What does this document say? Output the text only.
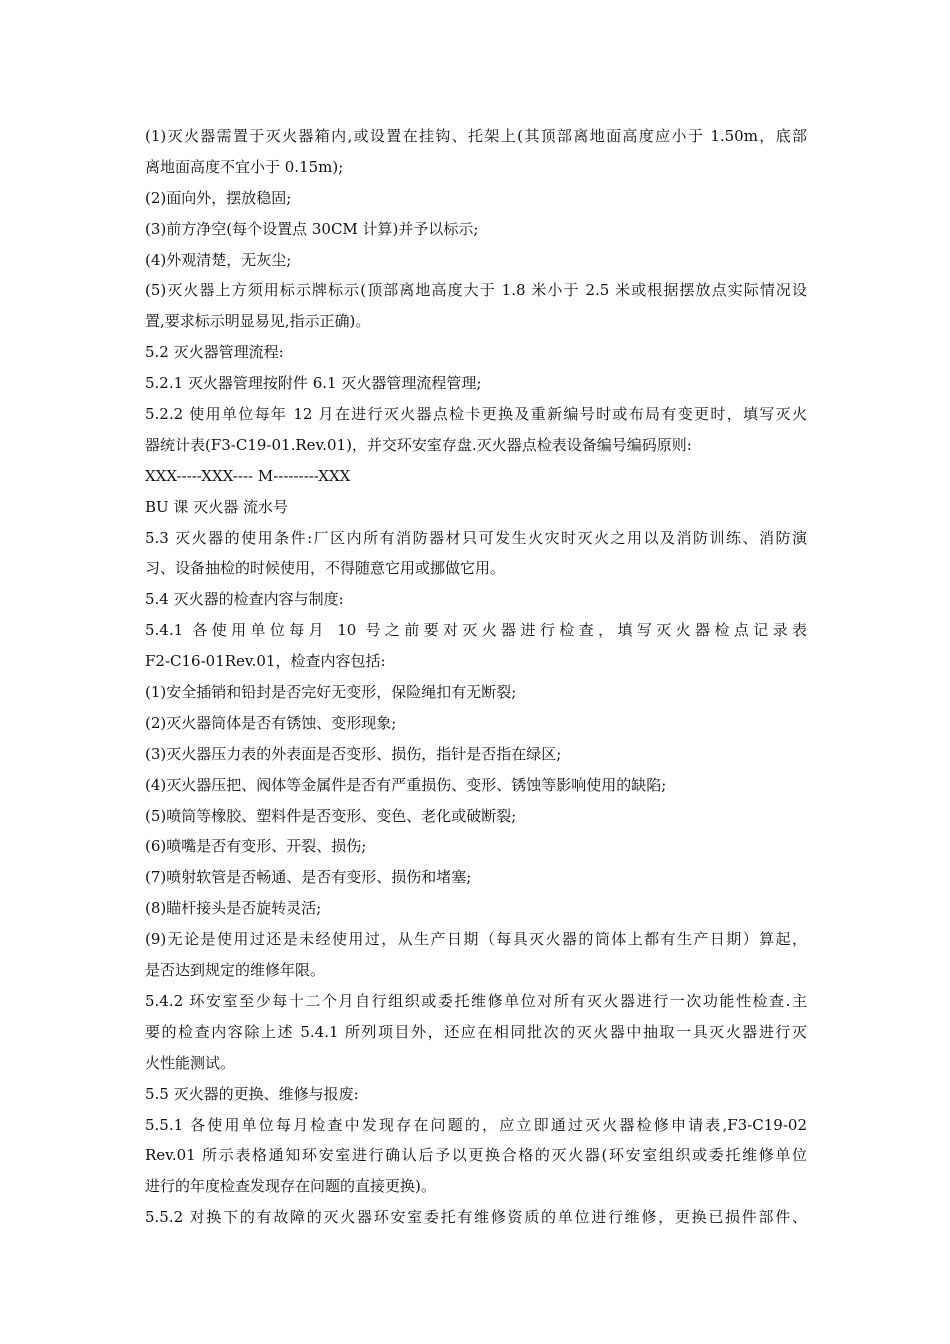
(1)灭火器需置于灭火器箱内,或设置在挂钩、托架上(其顶部离地面高度应小于 1.50m，底部
离地面高度不宜小于 0.15m);
(2)面向外，摆放稳固;
(3)前方净空(每个设置点 30CM 计算)并予以标示;
(4)外观清楚，无灰尘;
(5)灭火器上方须用标示牌标示(顶部离地高度大于 1.8 米小于 2.5 米或根据摆放点实际情况设
置,要求标示明显易见,指示正确)。
5.2 灭火器管理流程:
5.2.1 灭火器管理按附件 6.1 灭火器管理流程管理;
5.2.2 使用单位每年 12 月在进行灭火器点检卡更换及重新编号时或布局有变更时，填写灭火
器统计表(F3-C19-01.Rev.01)，并交环安室存盘.灭火器点检表设备编号编码原则:
XXX-----XXX---- M---------XXX
BU 课 灭火器 流水号
5.3 灭火器的使用条件:厂区内所有消防器材只可发生火灾时灭火之用以及消防训练、消防演
习、设备抽检的时候使用，不得随意它用或挪做它用。
5.4 灭火器的检查内容与制度:
5.4.1 各使用单位每月 10 号之前要对灭火器进行检查，填写灭火器检点记录表
F2-C16-01Rev.01，检查内容包括:
(1)安全插销和铅封是否完好无变形，保险绳扣有无断裂;
(2)灭火器筒体是否有锈蚀、变形现象;
(3)灭火器压力表的外表面是否变形、损伤，指针是否指在绿区;
(4)灭火器压把、阀体等金属件是否有严重损伤、变形、锈蚀等影响使用的缺陷;
(5)喷筒等橡胶、塑料件是否变形、变色、老化或破断裂;
(6)喷嘴是否有变形、开裂、损伤;
(7)喷射软管是否畅通、是否有变形、损伤和堵塞;
(8)瞄杆接头是否旋转灵活;
(9)无论是使用过还是未经使用过，从生产日期（每具灭火器的筒体上都有生产日期）算起，
是否达到规定的维修年限。
5.4.2 环安室至少每十二个月自行组织或委托维修单位对所有灭火器进行一次功能性检查.主
要的检查内容除上述 5.4.1 所列项目外，还应在相同批次的灭火器中抽取一具灭火器进行灭
火性能测试。
5.5 灭火器的更换、维修与报废:
5.5.1 各使用单位每月检查中发现存在问题的，应立即通过灭火器检修申请表,F3-C19-02
Rev.01 所示表格通知环安室进行确认后予以更换合格的灭火器(环安室组织或委托维修单位
进行的年度检查发现存在问题的直接更换)。
5.5.2 对换下的有故障的灭火器环安室委托有维修资质的单位进行维修，更换已损件部件、
